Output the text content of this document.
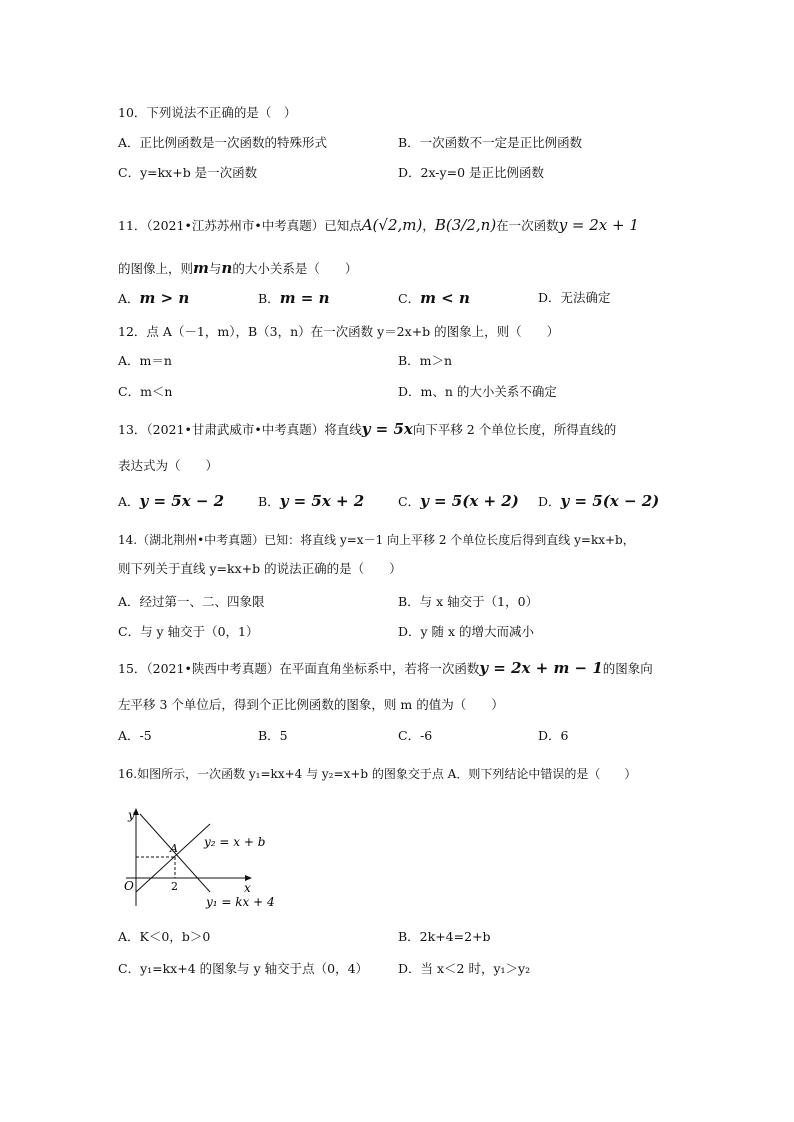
10．下列说法不正确的是（　）
A．正比例函数是一次函数的特殊形式	B．一次函数不一定是正比例函数
C．y=kx+b 是一次函数	D．2x-y=0 是正比例函数
11．（2021•江苏苏州市•中考真题）已知点A(√2,m)，B(3/2,n)在一次函数y = 2x + 1
的图像上，则m与n的大小关系是（　　）
A．m > n	B．m = n	C．m < n	D．无法确定
12．点 A（－1，m），B（3，n）在一次函数 y＝2x+b 的图象上，则（　　）
A．m＝n	B．m＞n
C．m＜n	D．m、n 的大小关系不确定
13．（2021•甘肃武威市•中考真题）将直线y = 5x向下平移 2 个单位长度，所得直线的
表达式为（　　）
A．y = 5x − 2	B．y = 5x + 2	C．y = 5(x + 2) D．y = 5(x − 2)
14.（湖北荆州•中考真题）已知：将直线 y=x－1 向上平移 2 个单位长度后得到直线 y=kx+b，
则下列关于直线 y=kx+b 的说法正确的是（　　）
A．经过第一、二、四象限	B．与 x 轴交于（1，0）
C．与 y 轴交于（0，1）	D．y 随 x 的增大而减小
15．（2021•陕西中考真题）在平面直角坐标系中，若将一次函数y = 2x + m − 1的图象向
左平移 3 个单位后，得到个正比例函数的图象，则 m 的值为（　　）
A．-5	B．5	C．-6	D．6
16.如图所示，一次函数 y₁=kx+4 与 y₂=x+b 的图象交于点 A．则下列结论中错误的是（　　）
y
x
O
A
2
y₂ = x + b
y₁ = kx + 4
A．K＜0，b＞0	B．2k+4=2+b
C．y₁=kx+4 的图象与 y 轴交于点（0，4） D．当 x＜2 时，y₁＞y₂
